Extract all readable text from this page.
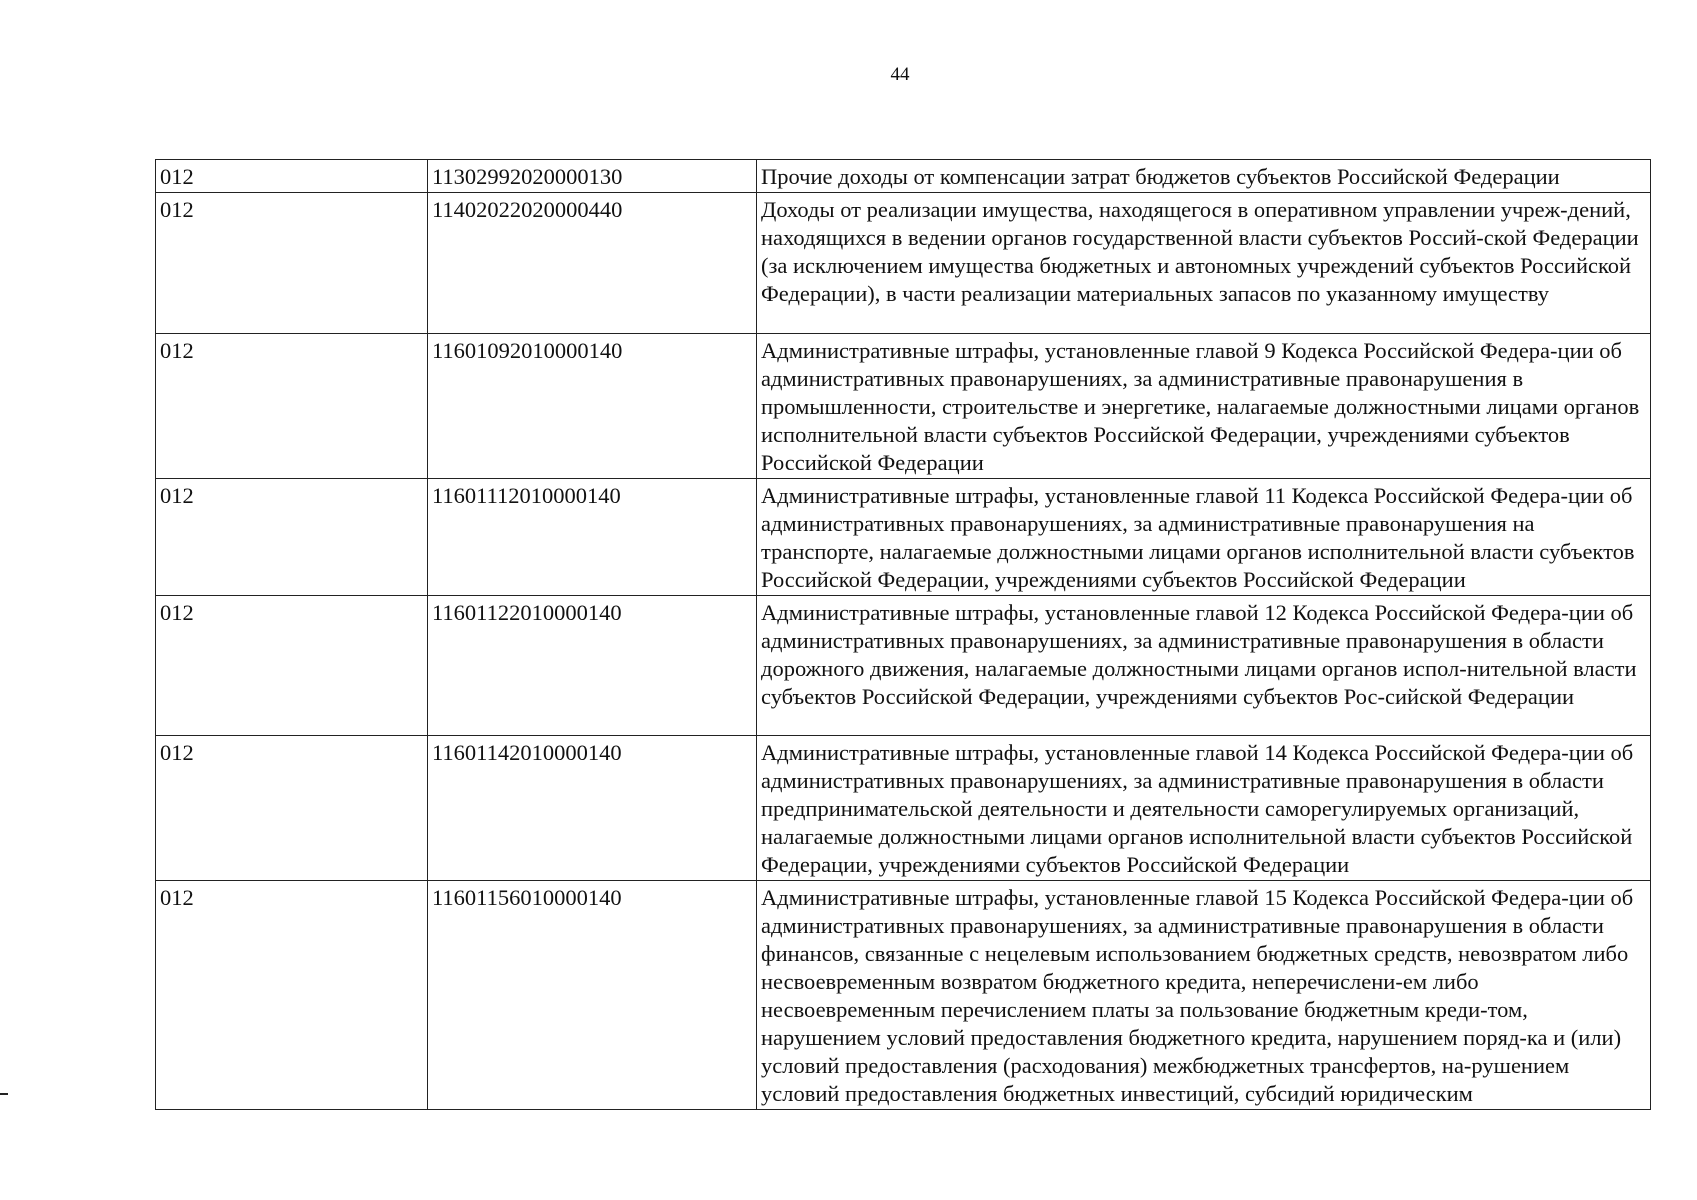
44
012	11302992020000130	Прочие доходы от компенсации затрат бюджетов субъектов Российской Федерации
012	11402022020000440	Доходы от реализации имущества, находящегося в оперативном управлении учреж-дений, находящихся в ведении органов государственной власти субъектов Россий-ской Федерации (за исключением имущества бюджетных и автономных учреждений субъектов Российской Федерации), в части реализации материальных запасов по указанному имуществу
012	11601092010000140	Административные штрафы, установленные главой 9 Кодекса Российской Федера-ции об административных правонарушениях, за административные правонарушения в промышленности, строительстве и энергетике, налагаемые должностными лицами органов исполнительной власти субъектов Российской Федерации, учреждениями субъектов Российской Федерации
012	11601112010000140	Административные штрафы, установленные главой 11 Кодекса Российской Федера-ции об административных правонарушениях, за административные правонарушения на транспорте, налагаемые должностными лицами органов исполнительной власти субъектов Российской Федерации, учреждениями субъектов Российской Федерации
012	11601122010000140	Административные штрафы, установленные главой 12 Кодекса Российской Федера-ции об административных правонарушениях, за административные правонарушения в области дорожного движения, налагаемые должностными лицами органов испол-нительной власти субъектов Российской Федерации, учреждениями субъектов Рос-сийской Федерации
012	11601142010000140	Административные штрафы, установленные главой 14 Кодекса Российской Федера-ции об административных правонарушениях, за административные правонарушения в области предпринимательской деятельности и деятельности саморегулируемых организаций, налагаемые должностными лицами органов исполнительной власти субъектов Российской Федерации, учреждениями субъектов Российской Федерации
012	11601156010000140	Административные штрафы, установленные главой 15 Кодекса Российской Федера-ции об административных правонарушениях, за административные правонарушения в области финансов, связанные с нецелевым использованием бюджетных средств, невозвратом либо несвоевременным возвратом бюджетного кредита, неперечислени-ем либо несвоевременным перечислением платы за пользование бюджетным креди-том, нарушением условий предоставления бюджетного кредита, нарушением поряд-ка и (или) условий предоставления (расходования) межбюджетных трансфертов, на-рушением условий предоставления бюджетных инвестиций, субсидий юридическим
